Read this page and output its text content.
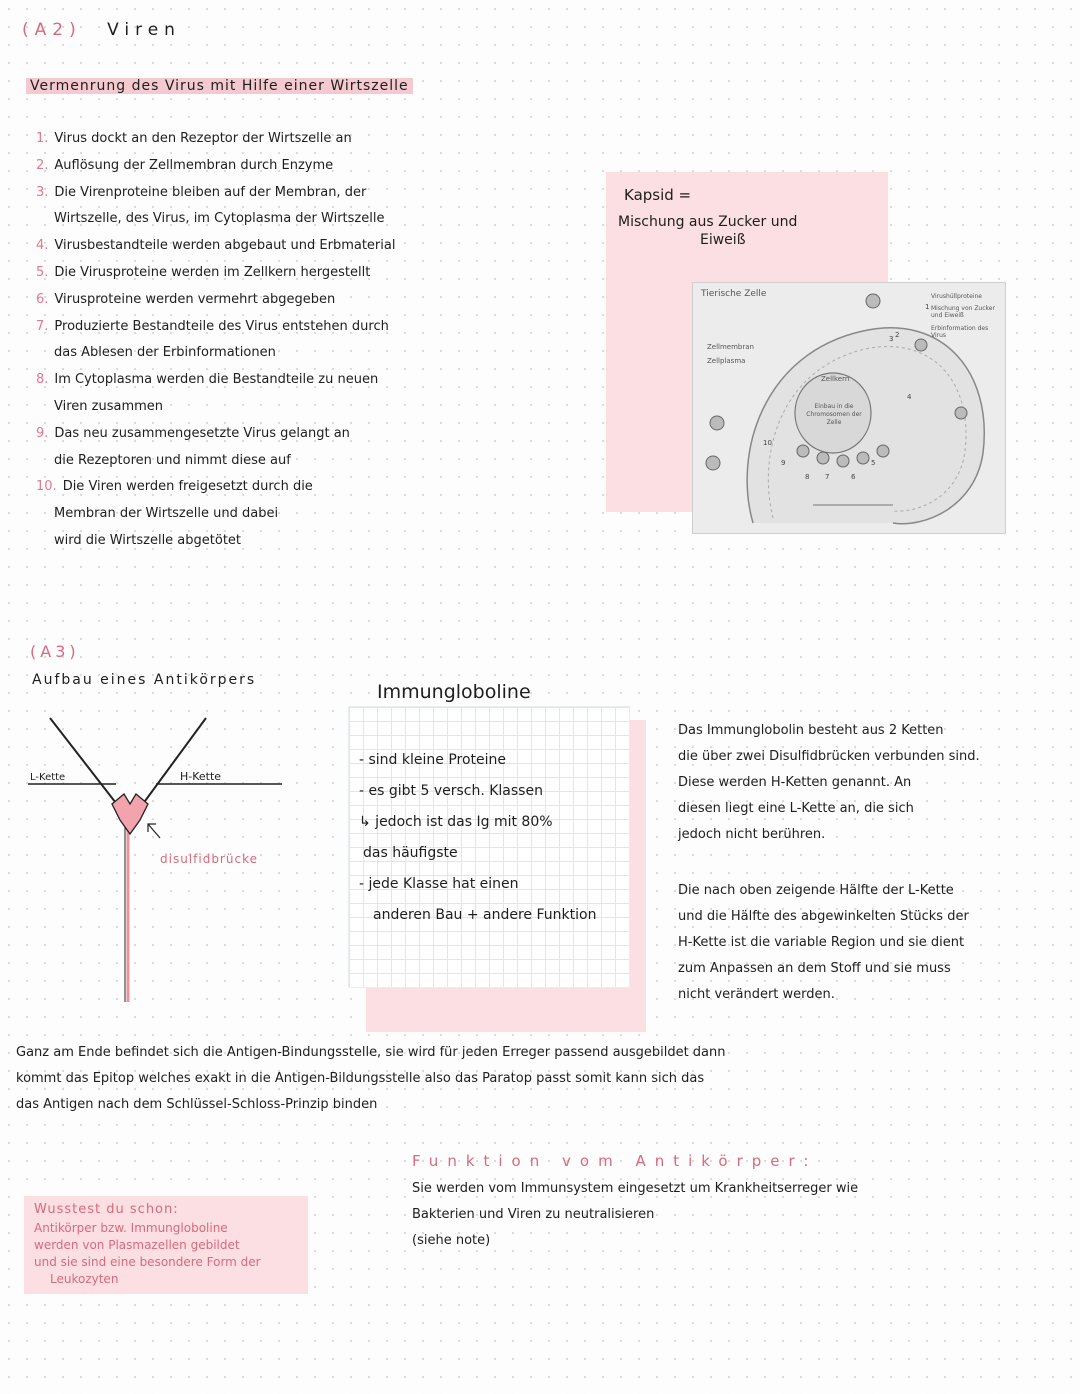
(A2) Viren
Vermenrung des Virus mit Hilfe einer Wirtszelle
1. Virus dockt an den Rezeptor der Wirtszelle an
2. Auflösung der Zellmembran durch Enzyme
3. Die Virenproteine bleiben auf der Membran, der
Wirtszelle, des Virus, im Cytoplasma der Wirtszelle
4. Virusbestandteile werden abgebaut und Erbmaterial
5. Die Virusproteine werden im Zellkern hergestellt
6. Virusproteine werden vermehrt abgegeben
7. Produzierte Bestandteile des Virus entstehen durch
das Ablesen der Erbinformationen
8. Im Cytoplasma werden die Bestandteile zu neuen
Viren zusammen
9. Das neu zusammengesetzte Virus gelangt an
die Rezeptoren und nimmt diese auf
10. Die Viren werden freigesetzt durch die
Membran der Wirtszelle und dabei
wird die Wirtszelle abgetötet
Kapsid =
Mischung aus Zucker und
Eiweiß
Tierische Zelle
Zellmembran
Zellplasma
Zellkern
Einbau in die Chromosomen der Zelle
Virushüllproteine
Mischung von Zucker und Eiweiß
Erbinformation des Virus
1
2
3
4
5
6
7
8
9
10
(A3)
Aufbau eines Antikörpers
L-Kette	H-Kette
disulfidbrücke
Immungloboline
- sind kleine Proteine
- es gibt 5 versch. Klassen
↳ jedoch ist das Ig mit 80%
das häufigste
- jede Klasse hat einen
anderen Bau + andere Funktion
Das Immunglobolin besteht aus 2 Ketten
die über zwei Disulfidbrücken verbunden sind.
Diese werden H-Ketten genannt. An
diesen liegt eine L-Kette an, die sich
jedoch nicht berühren.
Die nach oben zeigende Hälfte der L-Kette
und die Hälfte des abgewinkelten Stücks der
H-Kette ist die variable Region und sie dient
zum Anpassen an dem Stoff und sie muss
nicht verändert werden.
Ganz am Ende befindet sich die Antigen-Bindungsstelle, sie wird für jeden Erreger passend ausgebildet dann
kommt das Epitop welches exakt in die Antigen-Bildungsstelle also das Paratop passt somit kann sich das
das Antigen nach dem Schlüssel-Schloss-Prinzip binden
Funktion vom Antikörper:
Sie werden vom Immunsystem eingesetzt um Krankheitserreger wie
Bakterien und Viren zu neutralisieren
(siehe note)
Wusstest du schon:
Antikörper bzw. Immungloboline
werden von Plasmazellen gebildet
und sie sind eine besondere Form der
Leukozyten
